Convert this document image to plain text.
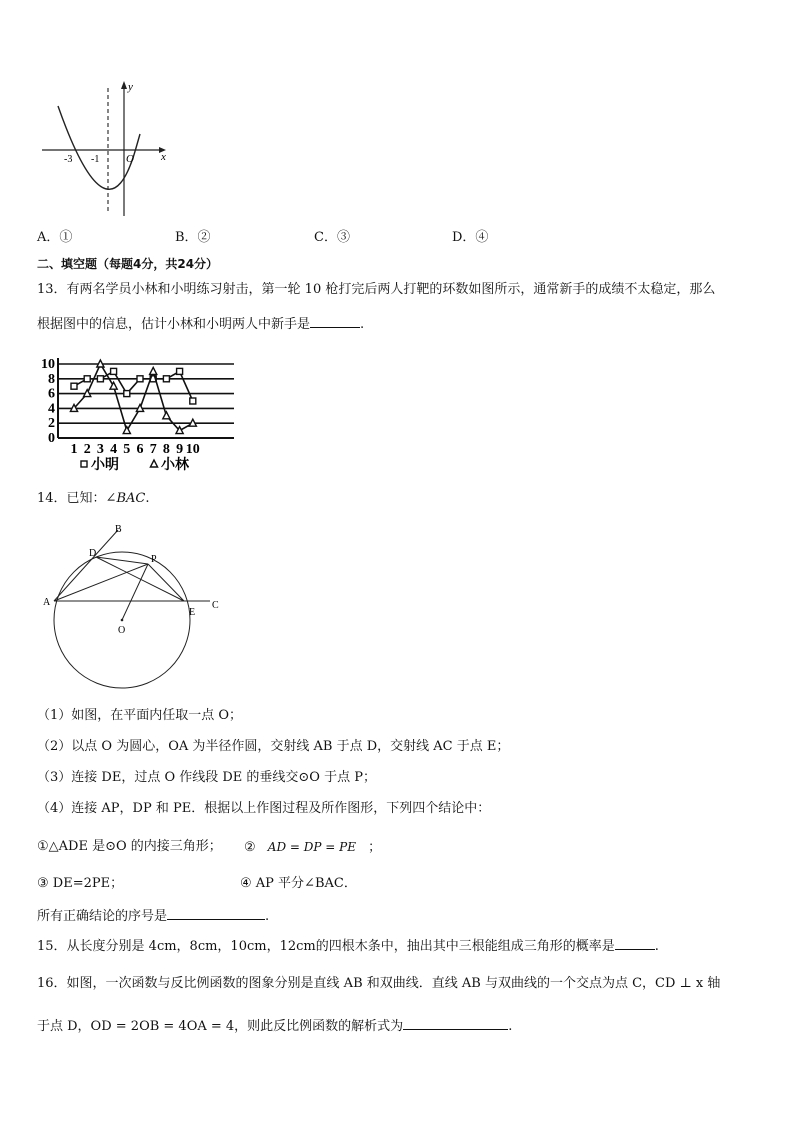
y
x
O
-3 -1
A．①	B．②	C．③	D．④
二、填空题（每题4分，共24分）
13．有两名学员小林和小明练习射击，第一轮 10 枪打完后两人打靶的环数如图所示，通常新手的成绩不太稳定，那么
根据图中的信息，估计小林和小明两人中新手是	.
0
2
4
6
8
10
1 2 3 4 5 6 7 8 9 10
小明	小林
14．已知：∠BAC.
B
D
P
A
E
C
O
（1）如图，在平面内任取一点 O；
（2）以点 O 为圆心，OA 为半径作圆，交射线 AB 于点 D，交射线 AC 于点 E；
（3）连接 DE，过点 O 作线段 DE 的垂线交⊙O 于点 P；
（4）连接 AP，DP 和 PE．根据以上作图过程及所作图形，下列四个结论中：
①△ADE 是⊙O 的内接三角形； ② AD = DP = PE ；
③ DE=2PE；	④ AP 平分∠BAC．
所有正确结论的序号是	.
15．从长度分别是 4cm，8cm，10cm，12cm的四根木条中，抽出其中三根能组成三角形的概率是	.
16．如图，一次函数与反比例函数的图象分别是直线 AB 和双曲线．直线 AB 与双曲线的一个交点为点 C，CD ⊥ x 轴
于点 D，OD = 2OB = 4OA = 4，则此反比例函数的解析式为	.
